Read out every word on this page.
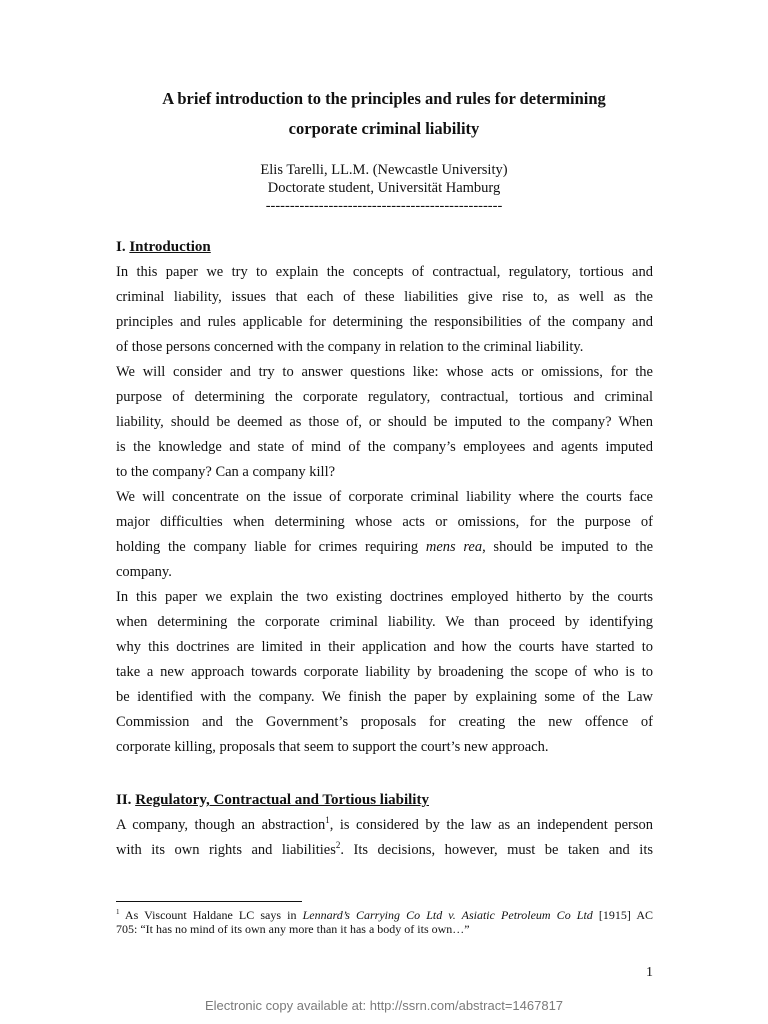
A brief introduction to the principles and rules for determining
corporate criminal liability
Elis Tarelli, LL.M. (Newcastle University)
Doctorate student, Universität Hamburg
-------------------------------------------------
I. Introduction
In this paper we try to explain the concepts of contractual, regulatory, tortious and
criminal liability, issues that each of these liabilities give rise to, as well as the
principles and rules applicable for determining the responsibilities of the company and
of those persons concerned with the company in relation to the criminal liability.
We will consider and try to answer questions like: whose acts or omissions, for the
purpose of determining the corporate regulatory, contractual, tortious and criminal
liability, should be deemed as those of, or should be imputed to the company? When
is the knowledge and state of mind of the company’s employees and agents imputed
to the company? Can a company kill?
We will concentrate on the issue of corporate criminal liability where the courts face
major difficulties when determining whose acts or omissions, for the purpose of
holding the company liable for crimes requiring mens rea, should be imputed to the
company.
In this paper we explain the two existing doctrines employed hitherto by the courts
when determining the corporate criminal liability. We than proceed by identifying
why this doctrines are limited in their application and how the courts have started to
take a new approach towards corporate liability by broadening the scope of who is to
be identified with the company. We finish the paper by explaining some of the Law
Commission and the Government’s proposals for creating the new offence of
corporate killing, proposals that seem to support the court’s new approach.
II. Regulatory, Contractual and Tortious liability
A company, though an abstraction$^1$, is considered by the law as an independent person
with its own rights and liabilities$^2$. Its decisions, however, must be taken and its
$^1$ As Viscount Haldane LC says in Lennard’s Carrying Co Ltd v. Asiatic Petroleum Co Ltd [1915] AC
705: “It has no mind of its own any more than it has a body of its own…”
1
Electronic copy available at: http://ssrn.com/abstract=1467817
